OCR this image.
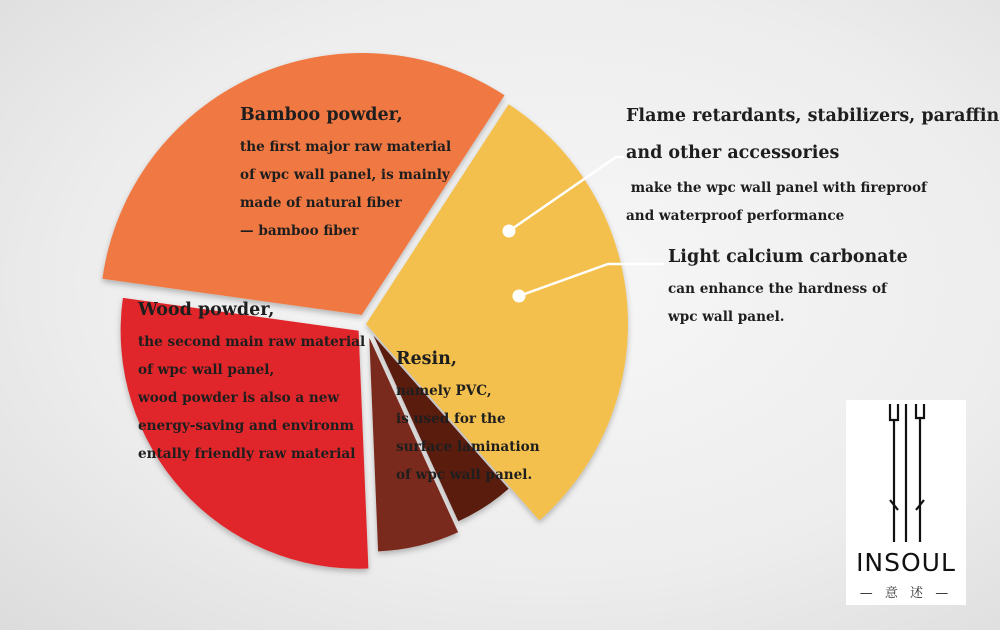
Bamboo powder,
the first major raw material
of wpc wall panel, is mainly
made of natural fiber
— bamboo fiber
Flame retardants, stabilizers, paraffin
and other accessories
make the wpc wall panel with fireproof
and waterproof performance
Light calcium carbonate
can enhance the hardness of
wpc wall panel.
Resin,
namely PVC,
is used for the
surface lamination
of wpc wall panel.
Wood powder,
the second main raw material
of wpc wall panel,
wood powder is also a new
energy-saving and environm
entally friendly raw material
INSOUL
— 意 述 —
